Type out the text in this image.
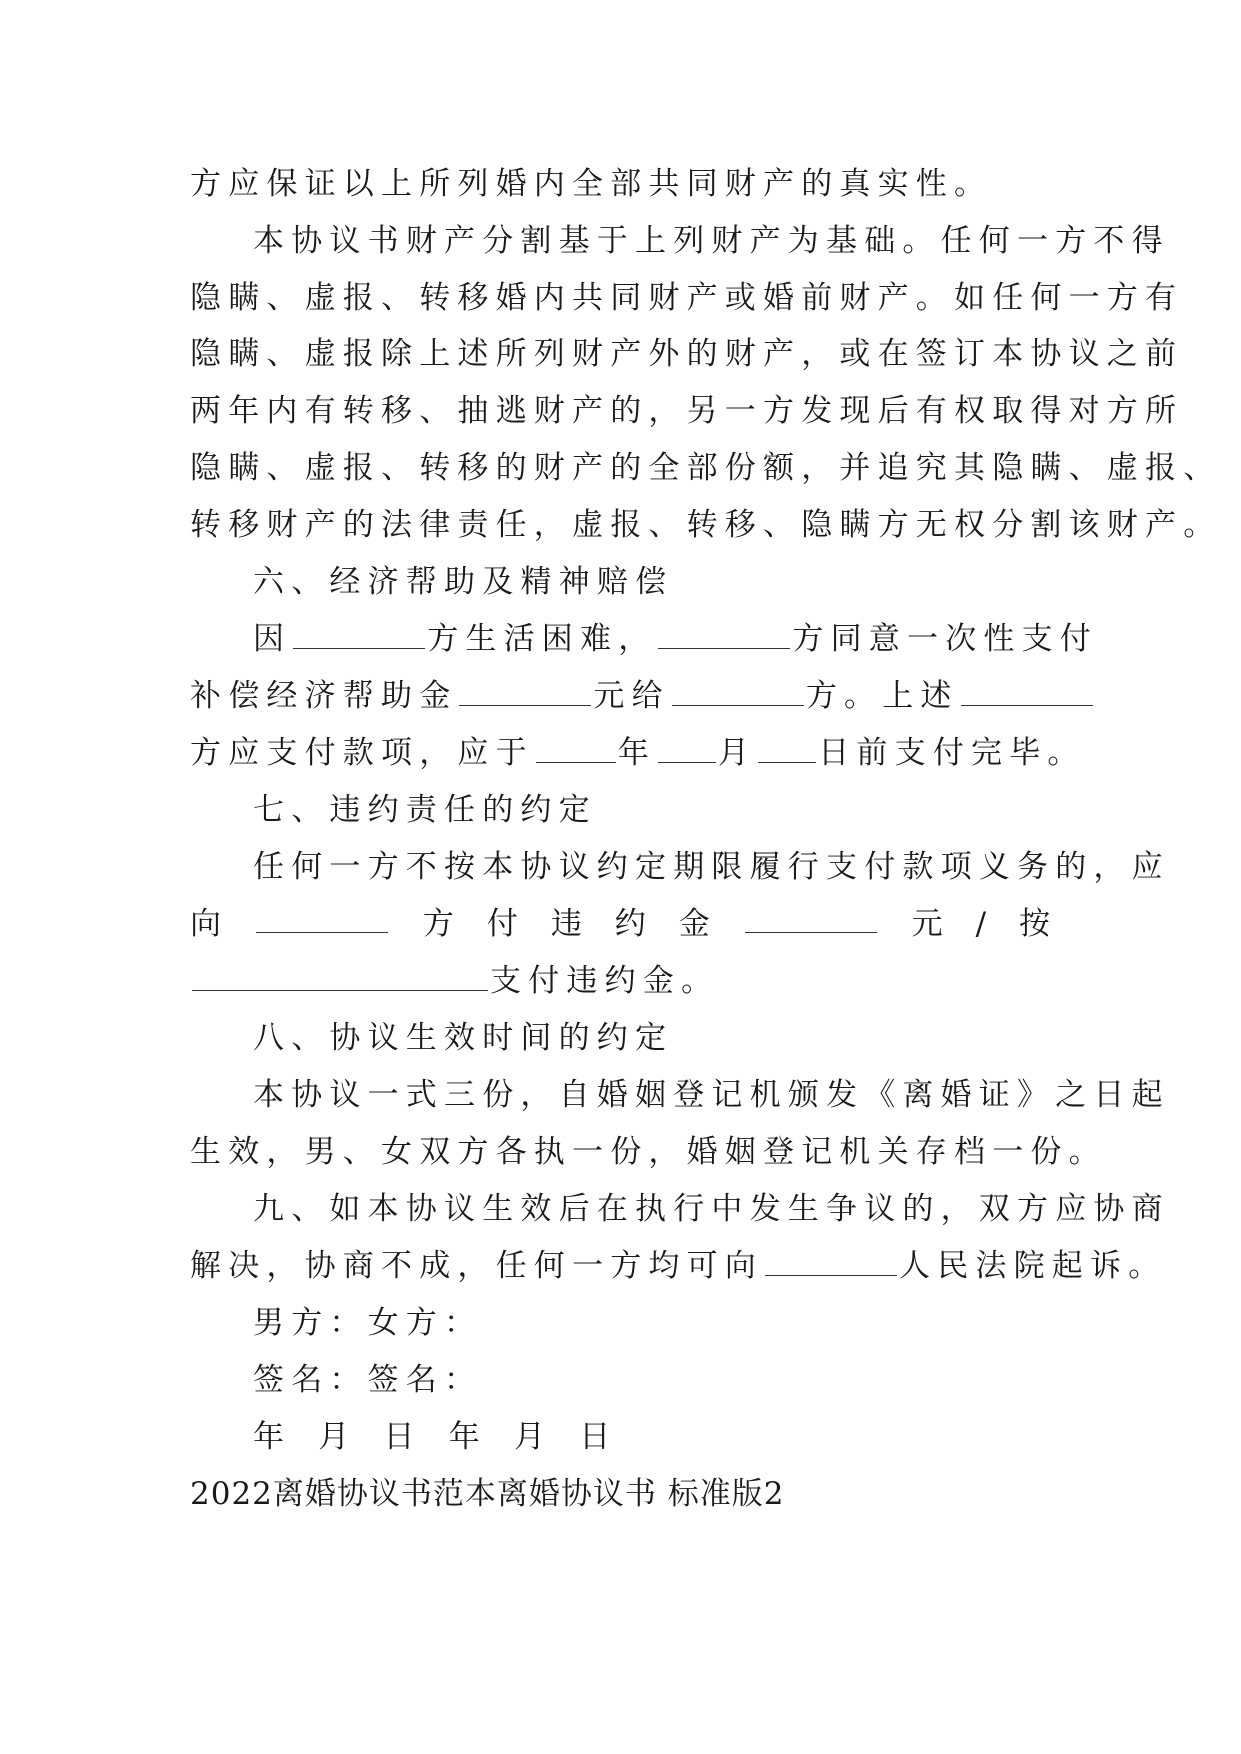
方应保证以上所列婚内全部共同财产的真实性。
本协议书财产分割基于上列财产为基础。任何一方不得
隐瞒、虚报、转移婚内共同财产或婚前财产。如任何一方有
隐瞒、虚报除上述所列财产外的财产，或在签订本协议之前
两年内有转移、抽逃财产的，另一方发现后有权取得对方所
隐瞒、虚报、转移的财产的全部份额，并追究其隐瞒、虚报、
转移财产的法律责任，虚报、转移、隐瞒方无权分割该财产。
六、经济帮助及精神赔偿
因	方生活困难，	方同意一次性支付
补偿经济帮助金	元给	方。上述
方应支付款项，应于	年 月 日前支付完毕。
七、违约责任的约定
任何一方不按本协议约定期限履行支付款项义务的，应
向	方 付 违 约 金	元 / 按
支付违约金。
八、协议生效时间的约定
本协议一式三份，自婚姻登记机颁发《离婚证》之日起
生效，男、女双方各执一份，婚姻登记机关存档一份。
九、如本协议生效后在执行中发生争议的，双方应协商
解决，协商不成，任何一方均可向	人民法院起诉。
男方：女方：
签名：签名：
年 月 日 年 月 日
2022离婚协议书范本离婚协议书 标准版2
